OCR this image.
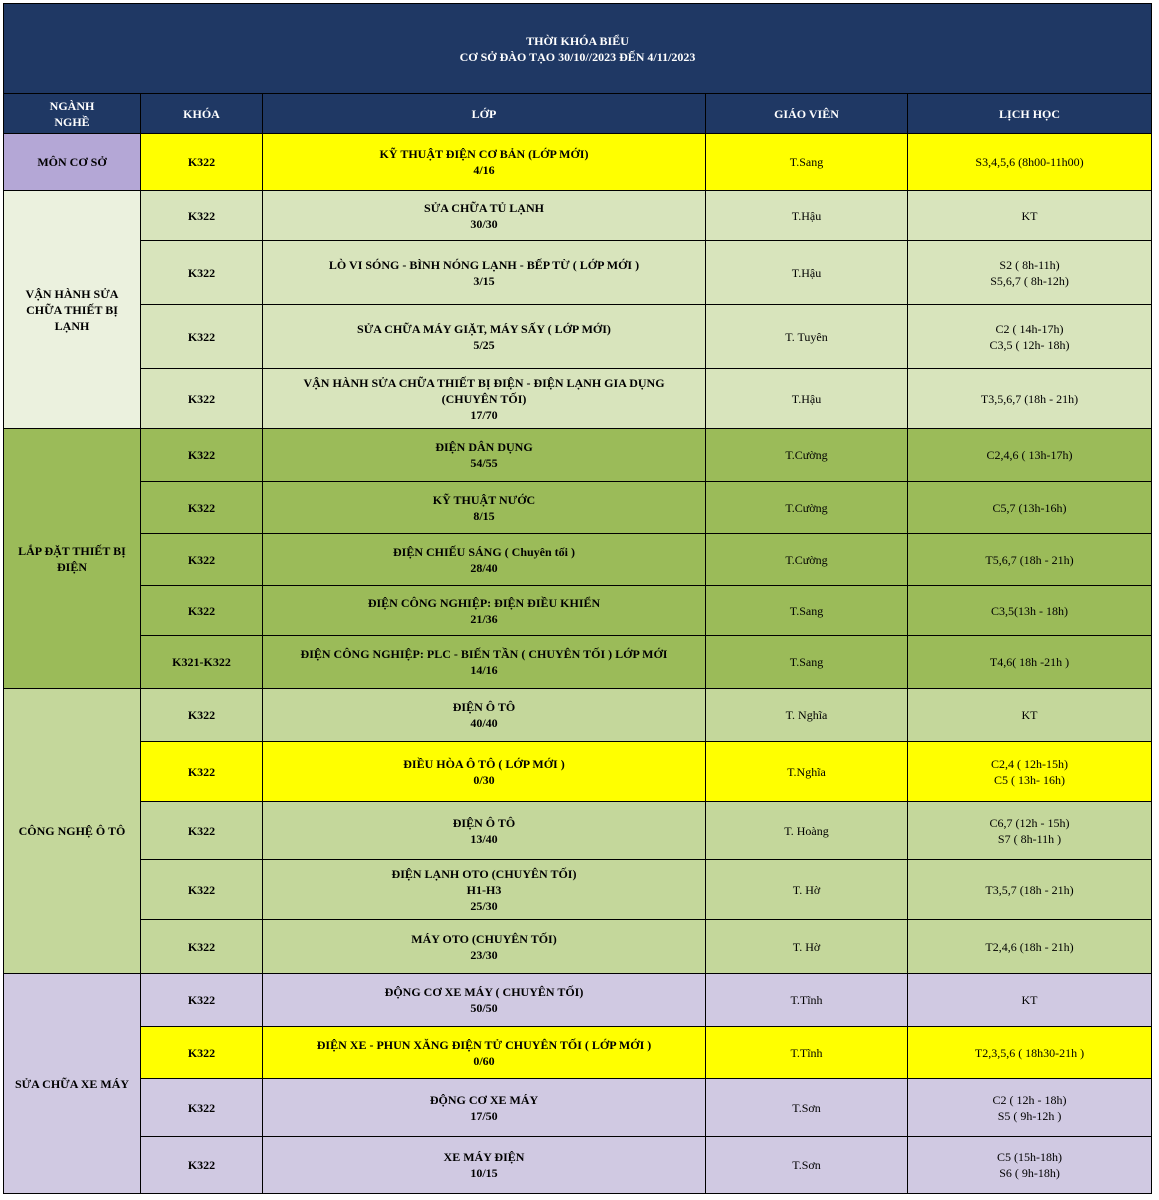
THỜI KHÓA BIỂU
CƠ SỞ ĐÀO TẠO 30/10//2023 ĐẾN 4/11/2023				

NGÀNH NGHỀ	KHÓA	LỚP	GIÁO VIÊN	LỊCH HỌC
MÔN CƠ SỞ	K322	KỸ THUẬT ĐIỆN CƠ BẢN (LỚP MỚI)
4/16	T.Sang	S3,4,5,6 (8h00-11h00)

VẬN HÀNH SỬA CHỮA THIẾT BỊ LẠNH	K322	SỬA CHỮA TỦ LẠNH
30/30	T.Hậu	KT

	K322	LÒ VI SÓNG - BÌNH NÓNG LẠNH - BẾP TỪ ( LỚP MỚI )
3/15	T.Hậu	S2 ( 8h-11h)
S5,6,7 ( 8h-12h)

	K322	SỬA CHỮA MÁY GIẶT, MÁY SẤY ( LỚP MỚI)
5/25	T. Tuyên	C2 ( 14h-17h)
C3,5 ( 12h- 18h)

	K322	VẬN HÀNH SỬA CHỮA THIẾT BỊ ĐIỆN - ĐIỆN LẠNH GIA DỤNG
(CHUYÊN TỐI)
17/70	T.Hậu	T3,5,6,7 (18h - 21h)

LẮP ĐẶT THIẾT BỊ ĐIỆN	K322	ĐIỆN DÂN DỤNG
54/55	T.Cường	C2,4,6 ( 13h-17h)

	K322	KỸ THUẬT NƯỚC
8/15	T.Cường	C5,7 (13h-16h)

	K322	ĐIỆN CHIẾU SÁNG ( Chuyên tối )
28/40	T.Cường	T5,6,7 (18h - 21h)

	K322	ĐIỆN CÔNG NGHIỆP: ĐIỆN ĐIỀU KHIỂN
21/36	T.Sang	C3,5(13h - 18h)

	K321-K322	ĐIỆN CÔNG NGHIỆP: PLC - BIẾN TẦN ( CHUYÊN TỐI ) LỚP MỚI
14/16	T.Sang	T4,6( 18h -21h )

CÔNG NGHỆ Ô TÔ	K322	ĐIỆN Ô TÔ
40/40	T. Nghĩa	KT

	K322	ĐIỀU HÒA Ô TÔ ( LỚP MỚI )
0/30	T.Nghĩa	C2,4 ( 12h-15h)
C5 ( 13h- 16h)

	K322	ĐIỆN Ô TÔ
13/40	T. Hoàng	C6,7 (12h - 15h)
S7 ( 8h-11h )

	K322	ĐIỆN LẠNH OTO (CHUYÊN TỐI)
H1-H3
25/30	T. Hờ	T3,5,7 (18h - 21h)

	K322	MÁY OTO (CHUYÊN TỐI)
23/30	T. Hờ	T2,4,6 (18h - 21h)

SỬA CHỮA XE MÁY	K322	ĐỘNG CƠ XE MÁY ( CHUYÊN TỐI)
50/50	T.Tĩnh	KT

	K322	ĐIỆN XE - PHUN XĂNG ĐIỆN TỬ CHUYÊN TỐI ( LỚP MỚI )
0/60	T.Tĩnh	T2,3,5,6 ( 18h30-21h )

	K322	ĐỘNG CƠ XE MÁY
17/50	T.Sơn	C2 ( 12h - 18h)
S5 ( 9h-12h )

	K322	XE MÁY ĐIỆN
10/15	T.Sơn	C5 (15h-18h)
S6 ( 9h-18h)
